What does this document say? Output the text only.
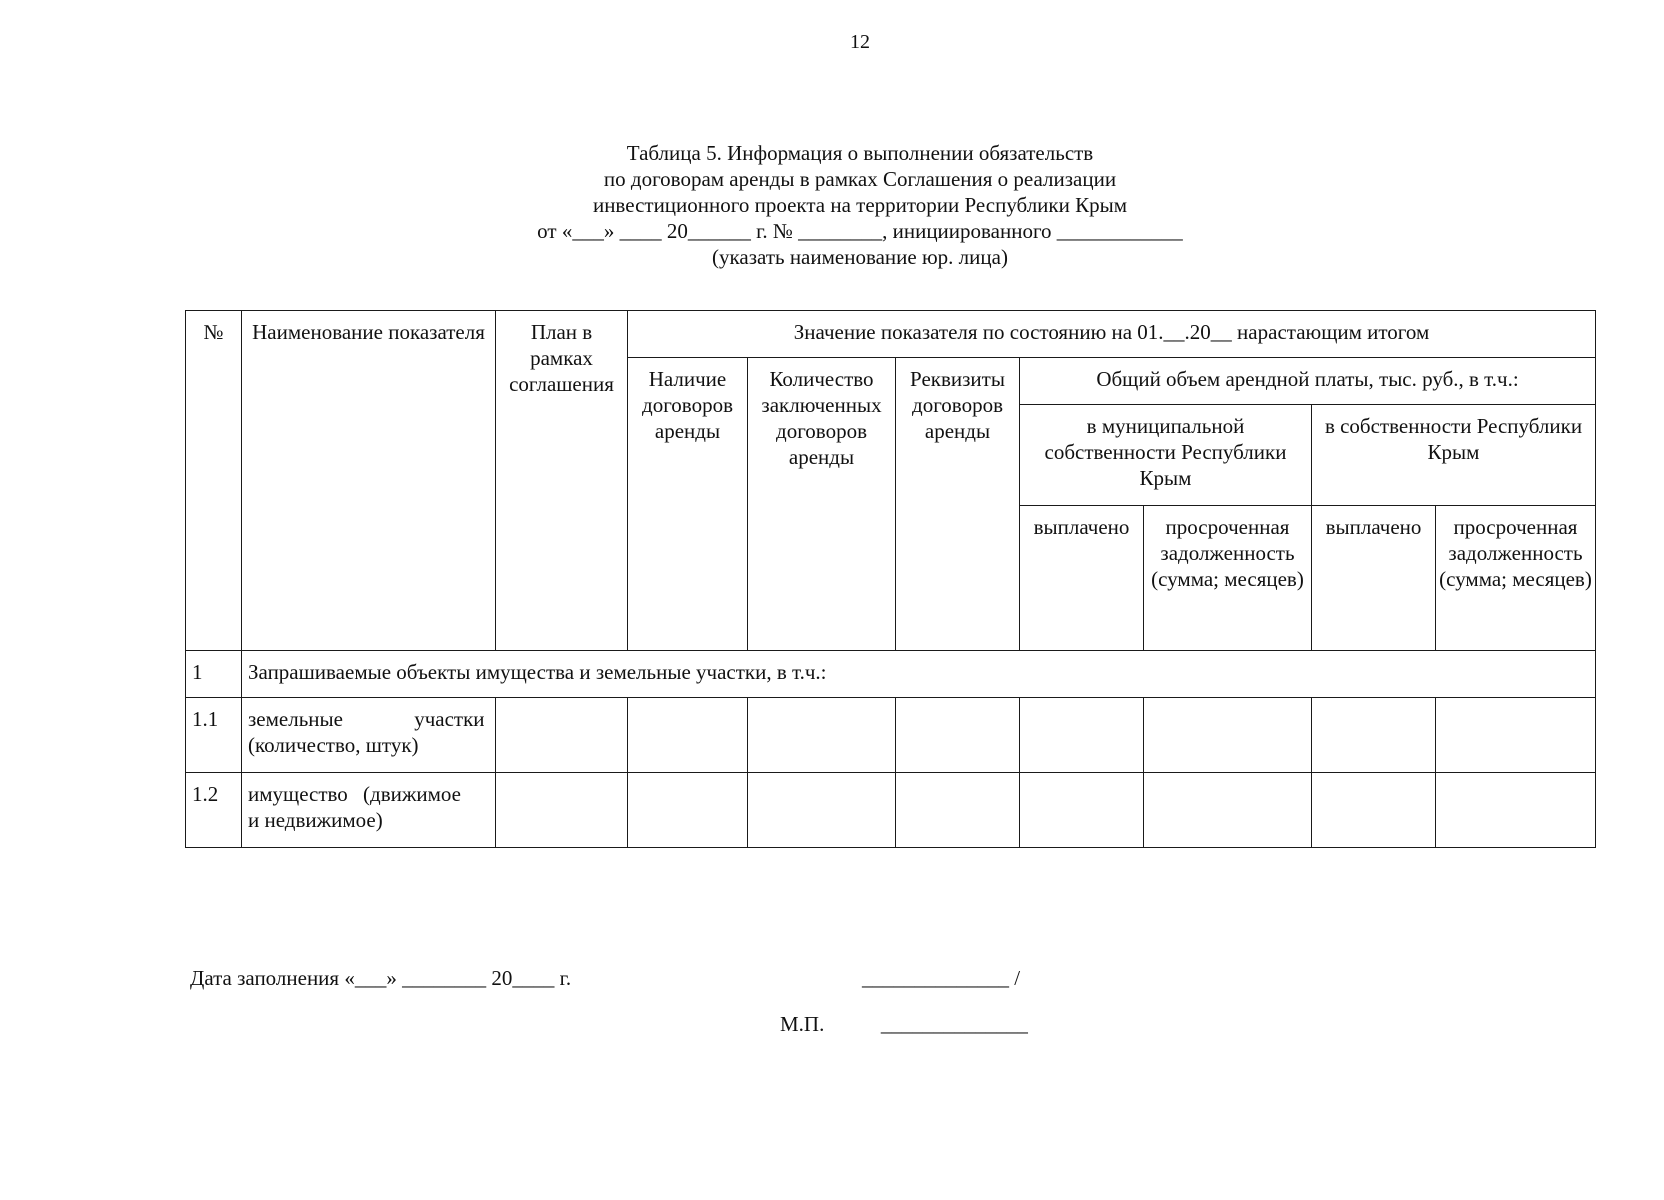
12
Таблица 5. Информация о выполнении обязательств
по договорам аренды в рамках Соглашения о реализации
инвестиционного проекта на территории Республики Крым
от «___» ____ 20______ г. № ________, инициированного ____________
(указать наименование юр. лица)
№	Наименование показателя	План в рамках соглашения	Значение показателя по состоянию на 01.__.20__ нарастающим итогом						
			Наличие договоров аренды	Количество заключенных договоров аренды	Реквизиты договоров аренды	Общий объем арендной платы, тыс. руб., в т.ч.:			
						в муниципальной собственности Республики Крым		в собственности Республики Крым	
						выплачено	просроченная задолженность (сумма; месяцев)	выплачено	просроченная задолженность (сумма; месяцев)
1	Запрашиваемые объекты имущества и земельные участки, в т.ч.:								
1.1	земельные участки
(количество, штук)								

1.2	имущество (движимое
и недвижимое)								

Дата заполнения «___» ________ 20____ г.	______________ /
М.П.	______________
